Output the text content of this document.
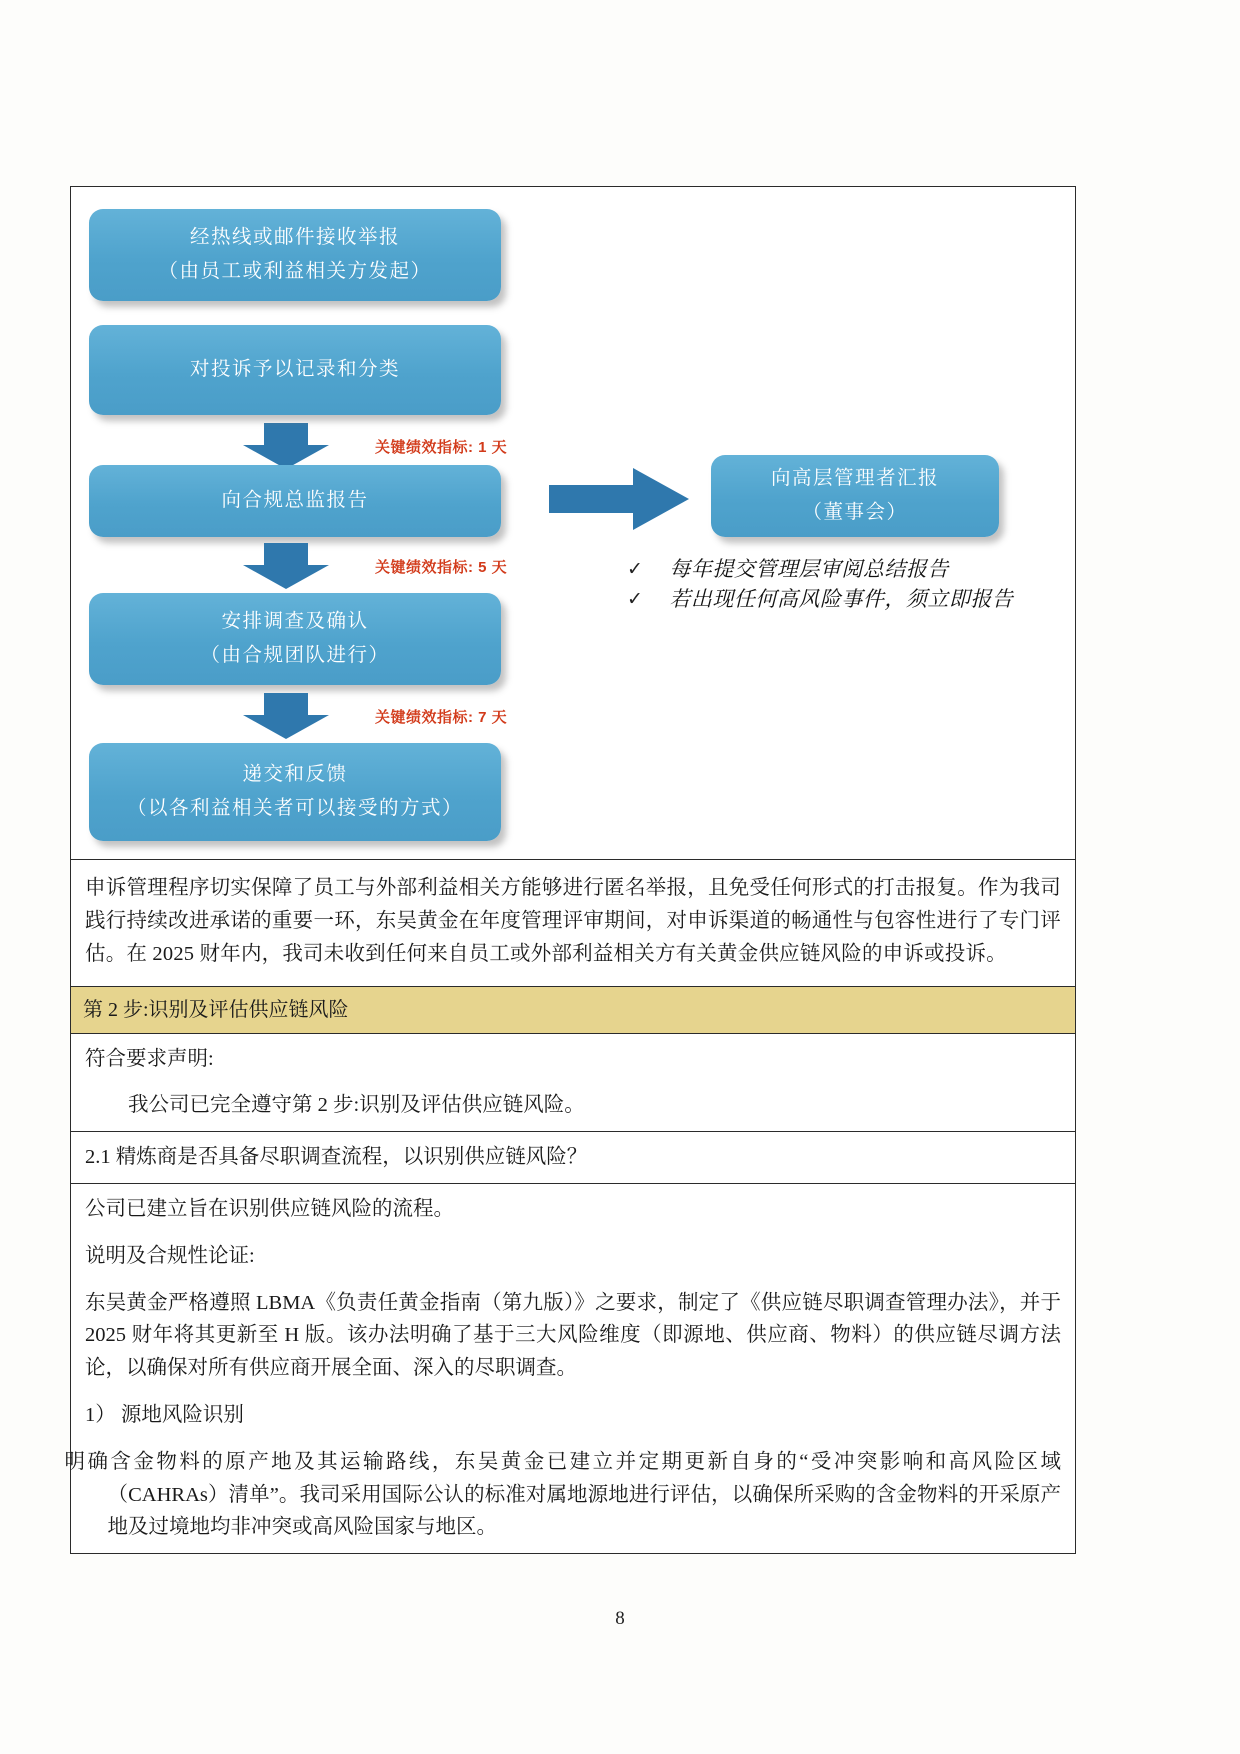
经热线或邮件接收举报
（由员工或利益相关方发起）
对投诉予以记录和分类
关键绩效指标: 1 天
向合规总监报告
关键绩效指标: 5 天
安排调查及确认
（由合规团队进行）
关键绩效指标: 7 天
递交和反馈
（以各利益相关者可以接受的方式）
向高层管理者汇报
（董事会）
✓ 每年提交管理层审阅总结报告
✓ 若出现任何高风险事件，须立即报告
申诉管理程序切实保障了员工与外部利益相关方能够进行匿名举报，且免受任何形式的打击报复。作为我司践行持续改进承诺的重要一环，东吴黄金在年度管理评审期间，对申诉渠道的畅通性与包容性进行了专门评估。在 2025 财年内，我司未收到任何来自员工或外部利益相关方有关黄金供应链风险的申诉或投诉。
第 2 步:识别及评估供应链风险

符合要求声明:

我公司已完全遵守第 2 步:识别及评估供应链风险。

2.1 精炼商是否具备尽职调查流程，以识别供应链风险？

公司已建立旨在识别供应链风险的流程。

说明及合规性论证:

东吴黄金严格遵照 LBMA《负责任黄金指南（第九版）》之要求，制定了《供应链尽职调查管理办法》，并于 2025 财年将其更新至 H 版。该办法明确了基于三大风险维度（即源地、供应商、物料）的供应链尽调方法论，以确保对所有供应商开展全面、深入的尽职调查。

1） 源地风险识别

明确含金物料的原产地及其运输路线，东吴黄金已建立并定期更新自身的“受冲突影响和高风险区域（CAHRAs）清单”。我司采用国际公认的标准对属地源地进行评估，以确保所采购的含金物料的开采原产地及过境地均非冲突或高风险国家与地区。

8
